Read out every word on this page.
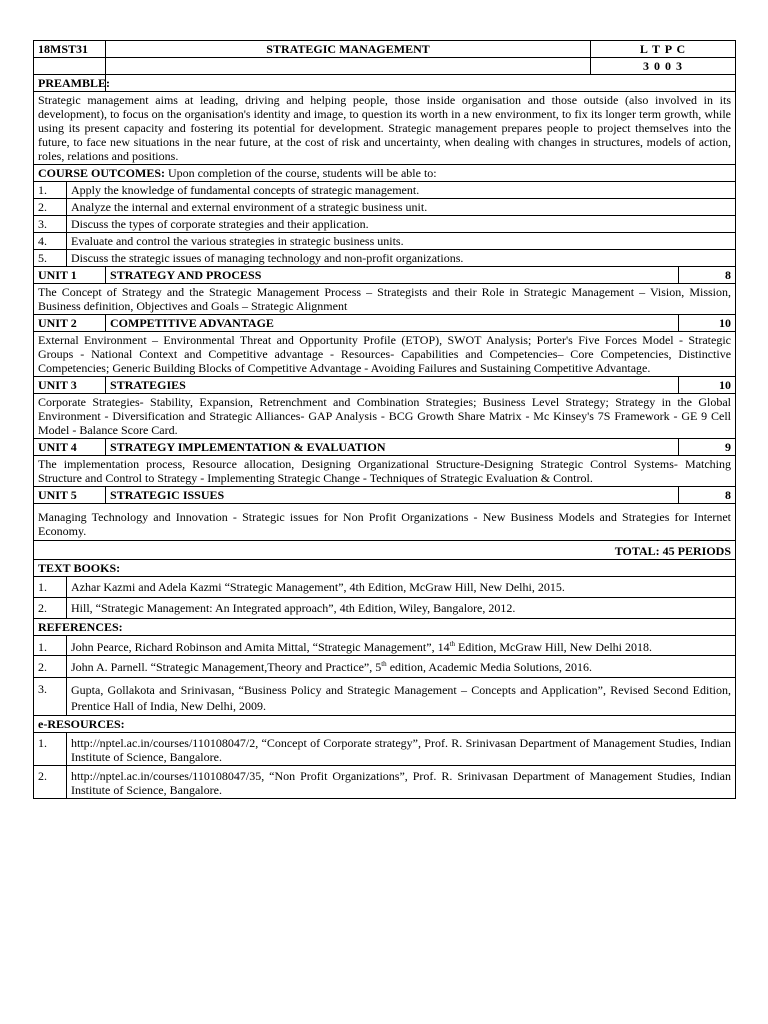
18MST31		STRATEGIC MANAGEMENT	L T P C	
			3 0 0 3	
PREAMBLE:				
Strategic management aims at leading, driving and helping people, those inside organisation and those outside (also involved in its development), to focus on the organisation's identity and image, to question its worth in a new environment, to fix its longer term growth, while using its present capacity and fostering its potential for development. Strategic management prepares people to project themselves into the future, to face new situations in the near future, at the cost of risk and uncertainty, when dealing with changes in structures, models of action, roles, relations and positions.				
COURSE OUTCOMES: Upon completion of the course, students will be able to:				
1.	Apply the knowledge of fundamental concepts of strategic management.			
2.	Analyze the internal and external environment of a strategic business unit.			
3.	Discuss the types of corporate strategies and their application.			
4.	Evaluate and control the various strategies in strategic business units.			
5.	Discuss the strategic issues of managing technology and non-profit organizations.			
UNIT 1		STRATEGY AND PROCESS		8
The Concept of Strategy and the Strategic Management Process – Strategists and their Role in Strategic Management – Vision, Mission, Business definition, Objectives and Goals – Strategic Alignment				
UNIT 2		COMPETITIVE ADVANTAGE		10
External Environment – Environmental Threat and Opportunity Profile (ETOP), SWOT Analysis; Porter's Five Forces Model - Strategic Groups - National Context and Competitive advantage - Resources- Capabilities and Competencies– Core Competencies, Distinctive Competencies; Generic Building Blocks of Competitive Advantage - Avoiding Failures and Sustaining Competitive Advantage.				
UNIT 3		STRATEGIES		10
Corporate Strategies- Stability, Expansion, Retrenchment and Combination Strategies; Business Level Strategy; Strategy in the Global Environment - Diversification and Strategic Alliances- GAP Analysis - BCG Growth Share Matrix - Mc Kinsey's 7S Framework - GE 9 Cell Model - Balance Score Card.				
UNIT 4		STRATEGY IMPLEMENTATION & EVALUATION		9
The implementation process, Resource allocation, Designing Organizational Structure-Designing Strategic Control Systems- Matching Structure and Control to Strategy - Implementing Strategic Change - Techniques of Strategic Evaluation & Control.				
UNIT 5		STRATEGIC ISSUES		8
Managing Technology and Innovation - Strategic issues for Non Profit Organizations - New Business Models and Strategies for Internet Economy.				
TOTAL: 45 PERIODS				
TEXT BOOKS:				
1.	Azhar Kazmi and Adela Kazmi “Strategic Management”, 4th Edition, McGraw Hill, New Delhi, 2015.			
2.	Hill, “Strategic Management: An Integrated approach”, 4th Edition, Wiley, Bangalore, 2012.			
REFERENCES:				
1.	John Pearce, Richard Robinson and Amita Mittal, “Strategic Management”, 14th Edition, McGraw Hill, New Delhi 2018.			
2.	John A. Parnell. “Strategic Management,Theory and Practice”, 5th edition, Academic Media Solutions, 2016.			
3.	Gupta, Gollakota and Srinivasan, “Business Policy and Strategic Management – Concepts and Application”, Revised Second Edition, Prentice Hall of India, New Delhi, 2009.			
e-RESOURCES:				
1.	http://nptel.ac.in/courses/110108047/2, “Concept of Corporate strategy”, Prof. R. Srinivasan Department of Management Studies, Indian Institute of Science, Bangalore.			
2.	http://nptel.ac.in/courses/110108047/35, “Non Profit Organizations”, Prof. R. Srinivasan Department of Management Studies, Indian Institute of Science, Bangalore.			
